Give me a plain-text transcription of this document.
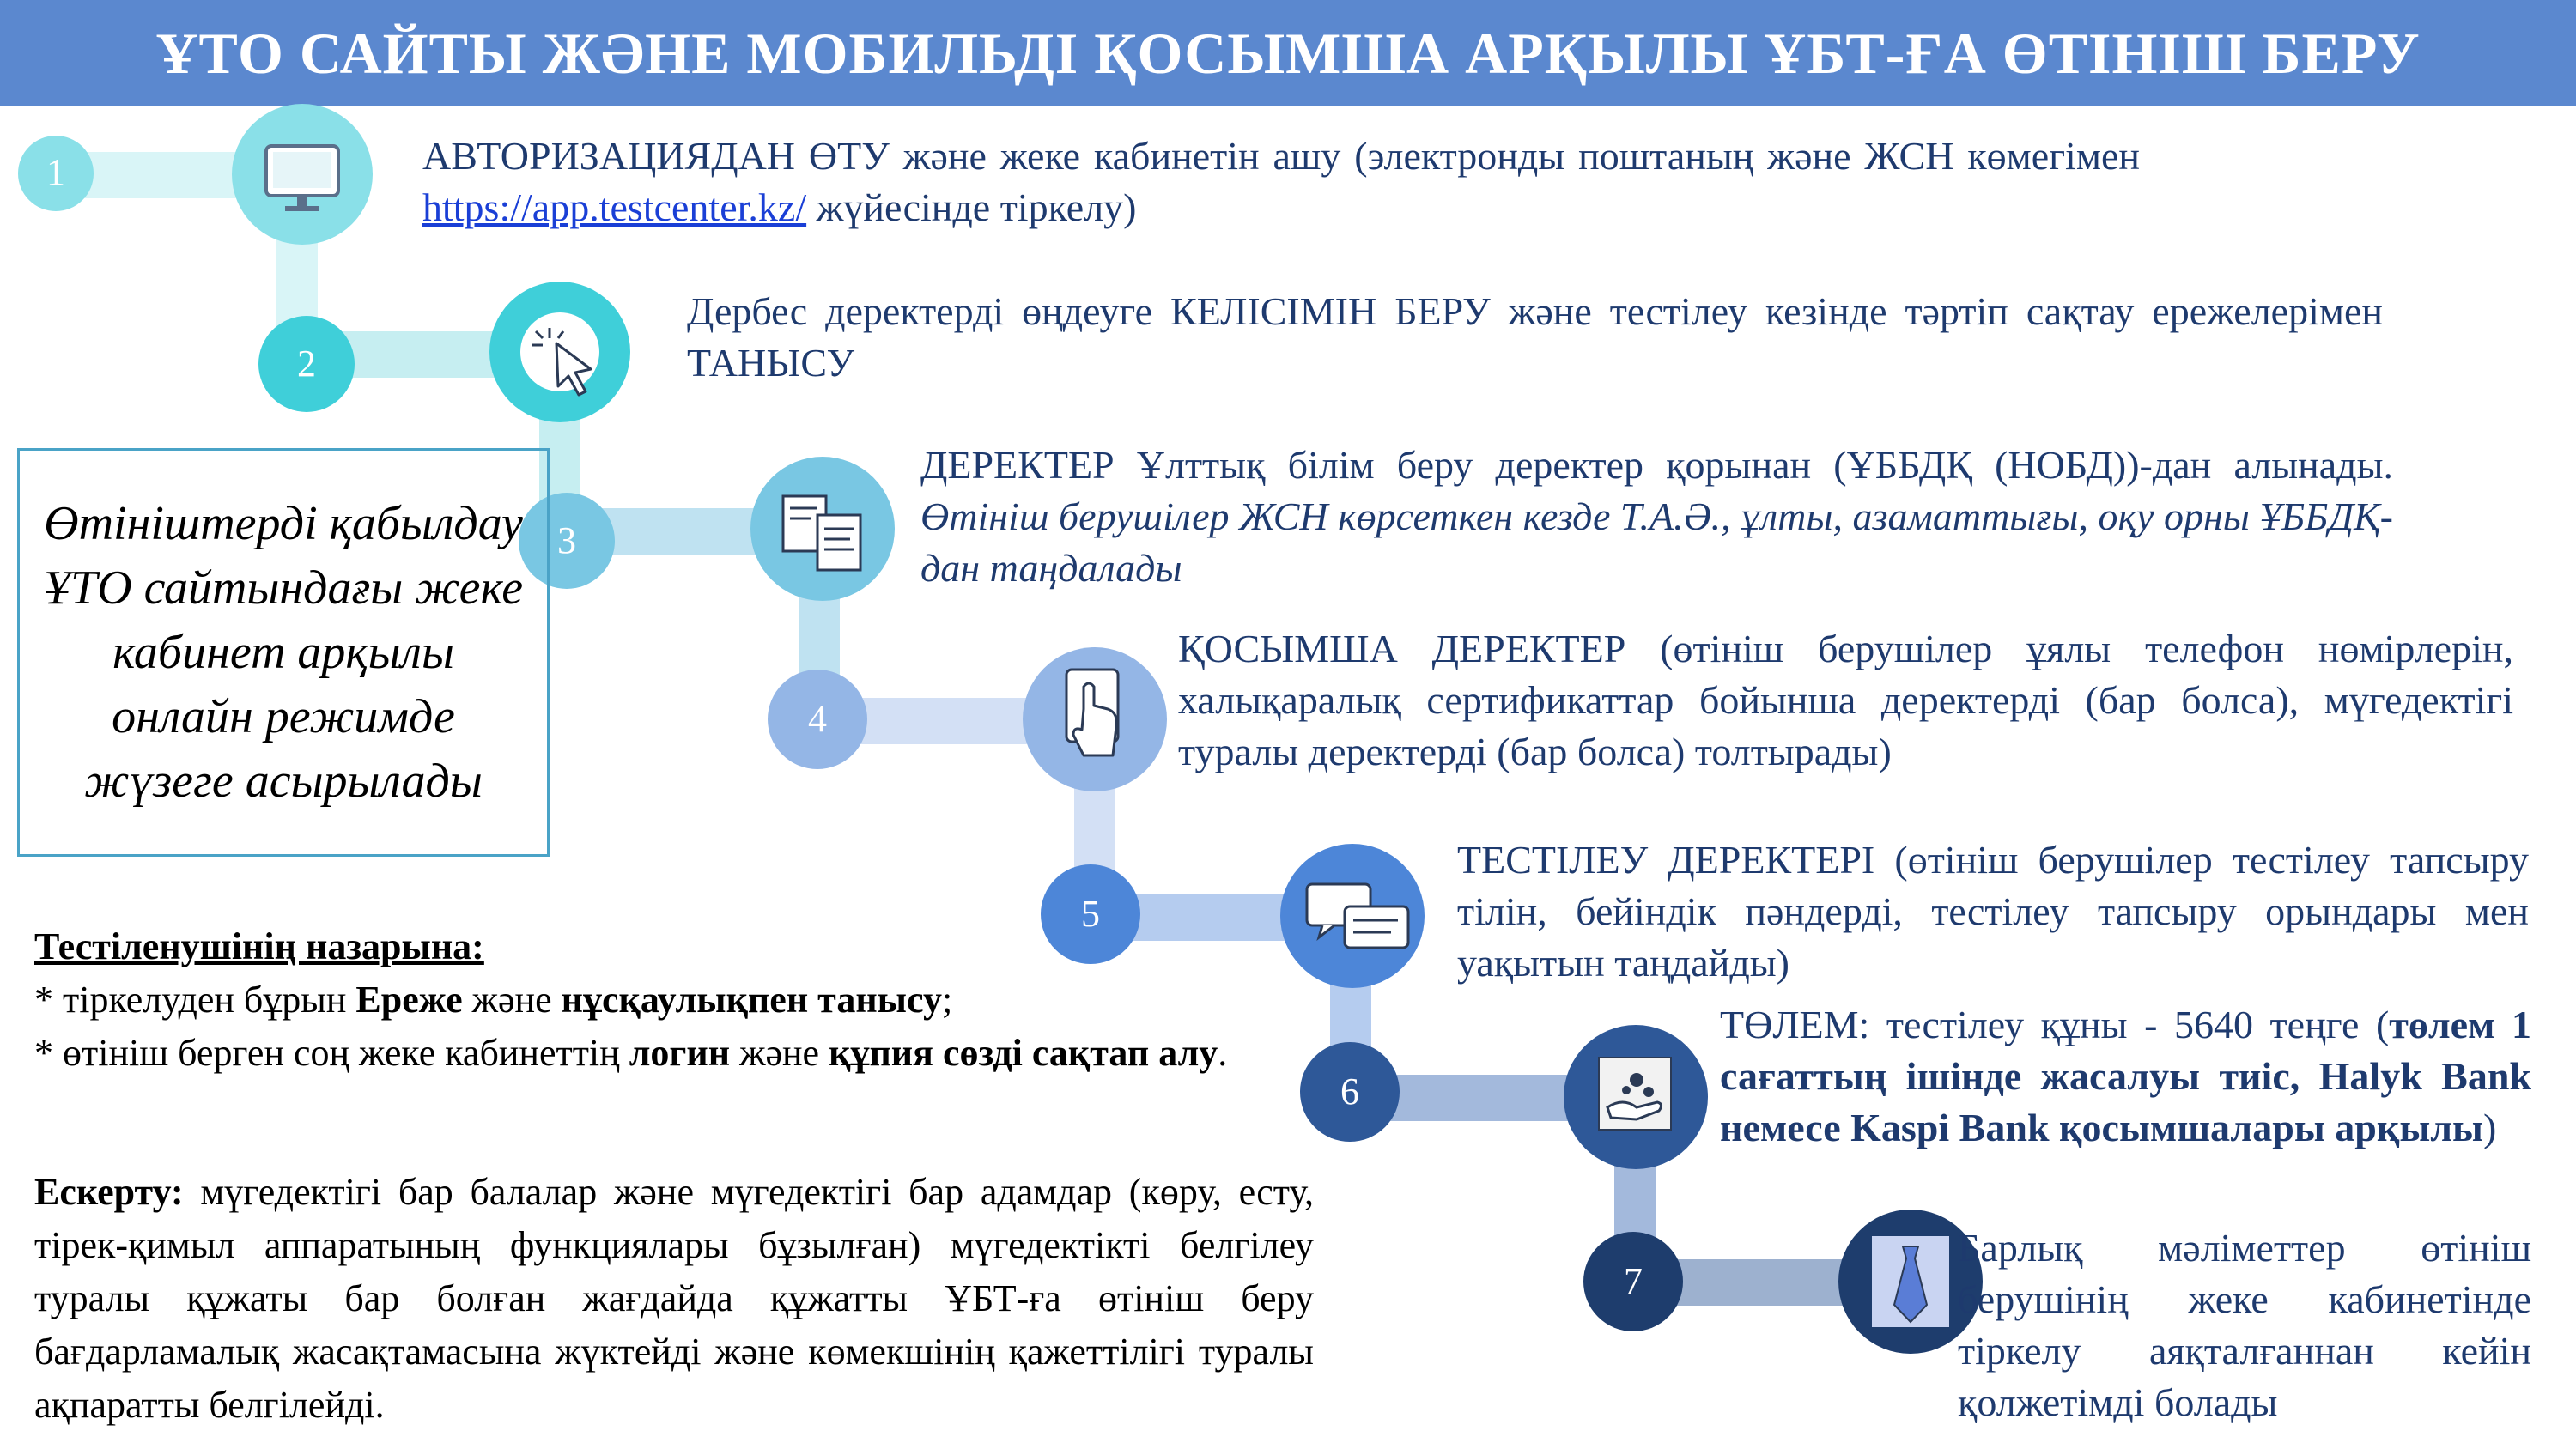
ҰТО САЙТЫ ЖӘНЕ МОБИЛЬДІ ҚОСЫМША АРҚЫЛЫ ҰБТ-ҒА ӨТІНІШ БЕРУ
1
2
3
4
5
6
7
АВТОРИЗАЦИЯДАН ӨТУ және жеке кабинетін ашу (электронды поштаның және ЖСН көмегімен https://app.testcenter.kz/ жүйесінде тіркелу)
Дербес деректерді өңдеуге КЕЛІСІМІН БЕРУ және тестілеу кезінде тәртіп сақтау ережелерімен ТАНЫСУ
ДЕРЕКТЕР Ұлттық білім беру деректер қорынан (ҰББДҚ (НОБД))-дан алынады. Өтініш берушілер ЖСН көрсеткен кезде Т.А.Ә., ұлты, азаматтығы, оқу орны ҰББДҚ-дан таңдалады
ҚОСЫМША ДЕРЕКТЕР (өтініш берушілер ұялы телефон нөмірлерін, халықаралық сертификаттар бойынша деректерді (бар болса), мүгедектігі туралы деректерді (бар болса) толтырады)
ТЕСТІЛЕУ ДЕРЕКТЕРІ (өтініш берушілер тестілеу тапсыру тілін, бейіндік пәндерді, тестілеу тапсыру орындары мен уақытын таңдайды)
ТӨЛЕМ: тестілеу құны - 5640 теңге (төлем 1 сағаттың ішінде жасалуы тиіс, Halyk Bank немесе Kaspi Bank қосымшалары арқылы)
Барлық мәліметтер өтініш берушінің жеке кабинетінде тіркелу аяқталғаннан кейін қолжетімді болады
Өтініштерді қабылдау ҰТО сайтындағы жеке кабинет арқылы онлайн режимде жүзеге асырылады
Тестіленушінің назарына:
* тіркелуден бұрын Ереже және нұсқаулықпен танысу;
* өтініш берген соң жеке кабинеттің логин және құпия сөзді сақтап алу.
Ескерту: мүгедектігі бар балалар және мүгедектігі бар адамдар (көру, есту, тірек-қимыл аппаратының функциялары бұзылған) мүгедектікті белгілеу туралы құжаты бар болған жағдайда құжатты ҰБТ-ға өтініш беру бағдарламалық жасақтамасына жүктейді және көмекшінің қажеттілігі туралы ақпаратты белгілейді.
